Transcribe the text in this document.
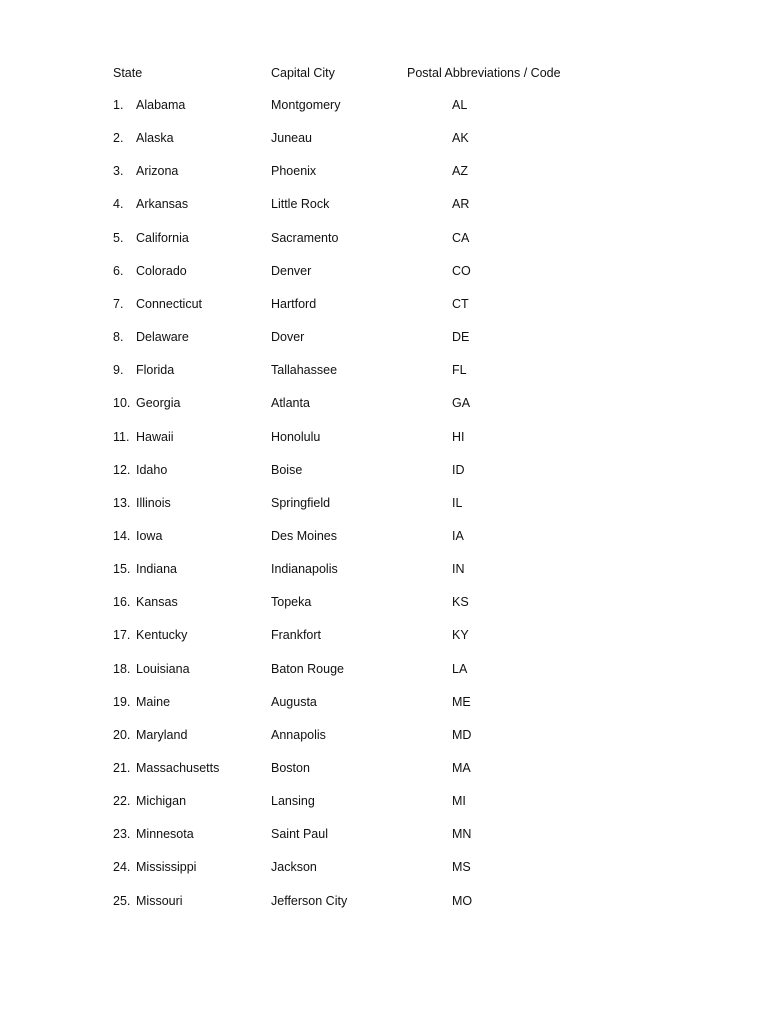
State	Capital City	Postal Abbreviations / Code
1. Alabama	Montgomery	AL
2. Alaska	Juneau	AK
3. Arizona	Phoenix	AZ
4. Arkansas	Little Rock	AR
5. California	Sacramento	CA
6. Colorado	Denver	CO
7. Connecticut	Hartford	CT
8. Delaware	Dover	DE
9. Florida	Tallahassee	FL
10. Georgia	Atlanta	GA
11. Hawaii	Honolulu	HI
12. Idaho	Boise	ID
13. Illinois	Springfield	IL
14. Iowa	Des Moines	IA
15. Indiana	Indianapolis	IN
16. Kansas	Topeka	KS
17. Kentucky	Frankfort	KY
18. Louisiana	Baton Rouge	LA
19. Maine	Augusta	ME
20. Maryland	Annapolis	MD
21. Massachusetts	Boston	MA
22. Michigan	Lansing	MI
23. Minnesota	Saint Paul	MN
24. Mississippi	Jackson	MS
25. Missouri	Jefferson City	MO
